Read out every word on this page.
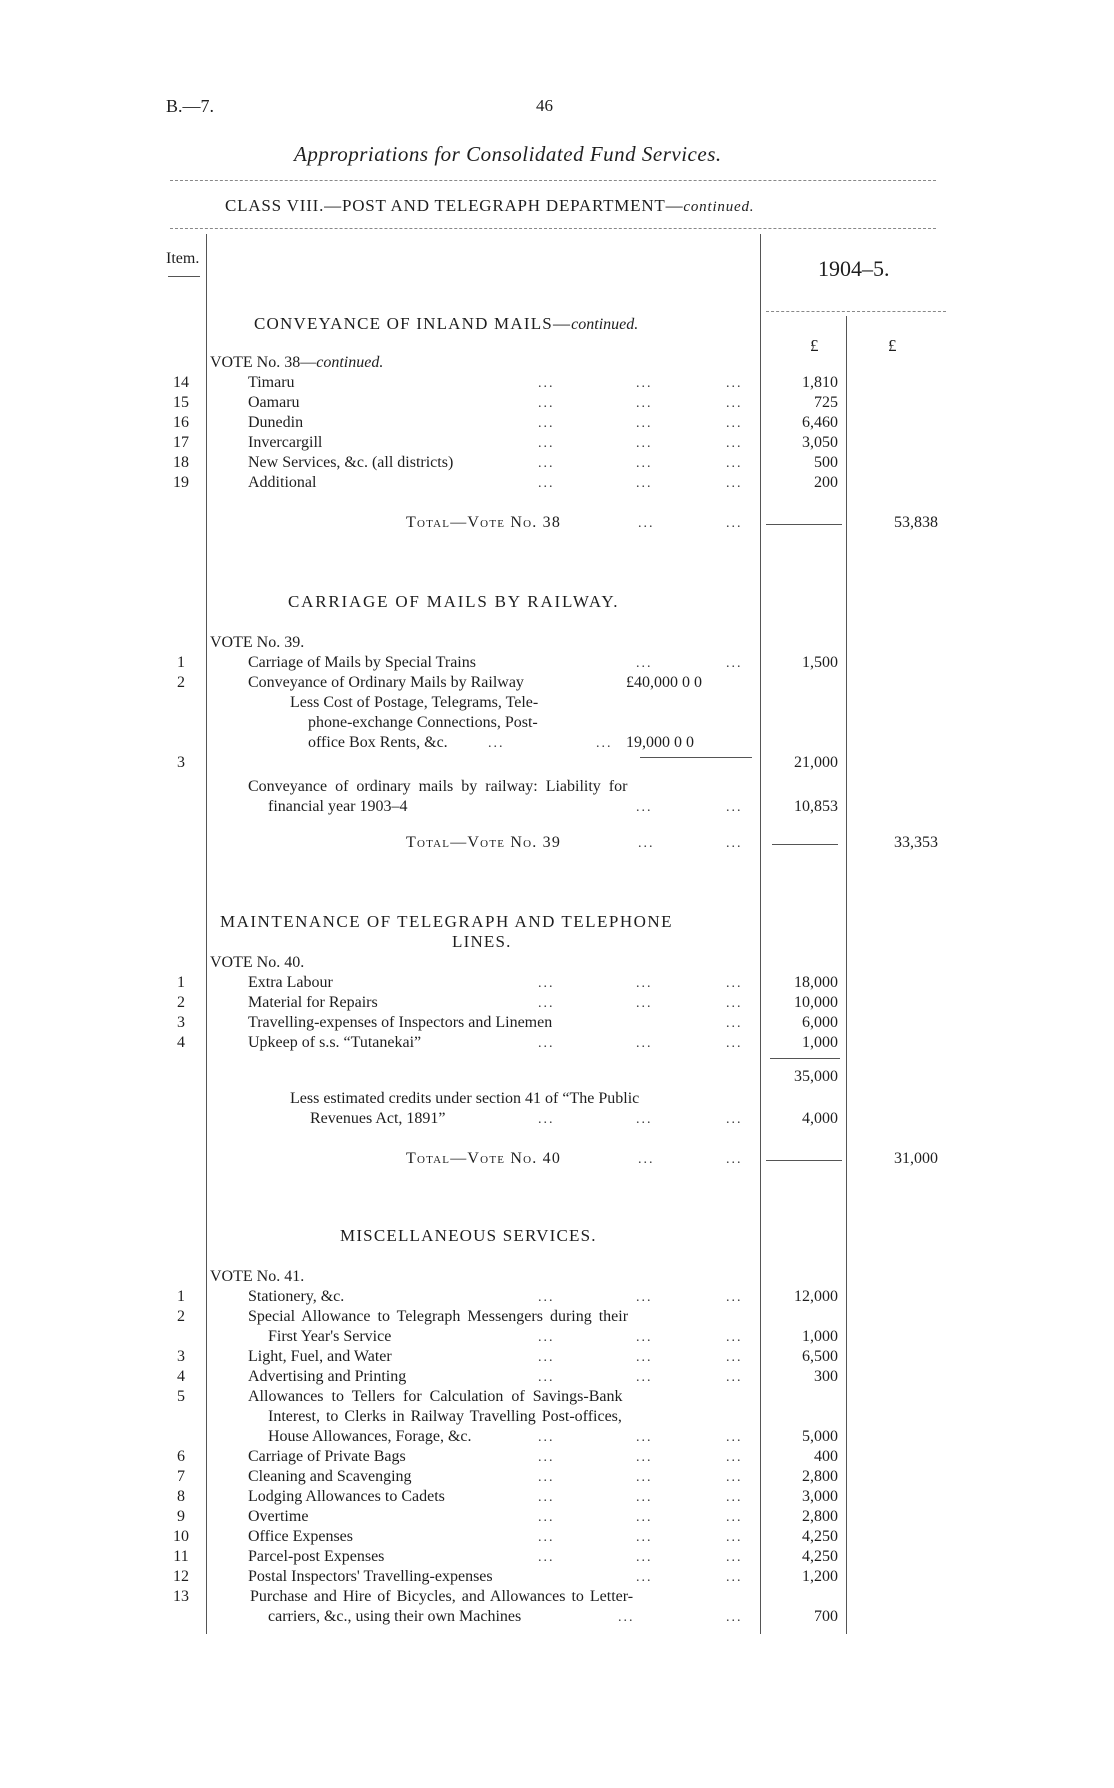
B.—7.	46
Appropriations for Consolidated Fund Services.
CLASS VIII.—POST AND TELEGRAPH DEPARTMENT—continued.
Item.	1904–5.
£	£
CONVEYANCE OF INLAND MAILS—continued.
VOTE No. 38—continued.
14	Timaru	...	...	...	1,810
15	Oamaru	...	...	...	725
16	Dunedin	...	...	...	6,460
17	Invercargill	...	...	...	3,050
18	New Services, &c. (all districts)	...	...	...	500
19	Additional	...	...	...	200
Total—Vote No. 38	...	...	53,838
CARRIAGE OF MAILS BY RAILWAY.
VOTE No. 39.
1	Carriage of Mails by Special Trains	...	...	1,500
2	Conveyance of Ordinary Mails by Railway	£40,000 0 0
Less Cost of Postage, Telegrams, Tele-
phone-exchange Connections, Post-
office Box Rents, &c.	...	... 19,000 0 0
3	21,000
Conveyance of ordinary mails by railway: Liability for
financial year 1903–4	...	...	10,853
Total—Vote No. 39	...	...	33,353
MAINTENANCE OF TELEGRAPH AND TELEPHONE
LINES.
VOTE No. 40.
1	Extra Labour	...	...	...	18,000
2	Material for Repairs	...	...	...	10,000
3	Travelling-expenses of Inspectors and Linemen	...	6,000
4	Upkeep of s.s. “Tutanekai”	...	...	...	1,000
35,000
Less estimated credits under section 41 of “The Public
Revenues Act, 1891”	...	...	...	4,000
Total—Vote No. 40	...	...	31,000
MISCELLANEOUS SERVICES.
VOTE No. 41.
1	Stationery, &c.	...	...	...	12,000
2	Special Allowance to Telegraph Messengers during their
First Year's Service	...	...	...	1,000
3	Light, Fuel, and Water	...	...	...	6,500
4	Advertising and Printing	...	...	...	300
5	Allowances to Tellers for Calculation of Savings-Bank
Interest, to Clerks in Railway Travelling Post-offices,
House Allowances, Forage, &c.	...	...	...	5,000
6	Carriage of Private Bags	...	...	...	400
7	Cleaning and Scavenging	...	...	...	2,800
8	Lodging Allowances to Cadets	...	...	...	3,000
9	Overtime	...	...	...	2,800
10	Office Expenses	...	...	...	4,250
11	Parcel-post Expenses	...	...	...	4,250
12	Postal Inspectors' Travelling-expenses	...	...	1,200
13	Purchase and Hire of Bicycles, and Allowances to Letter-
carriers, &c., using their own Machines	...	...	700
